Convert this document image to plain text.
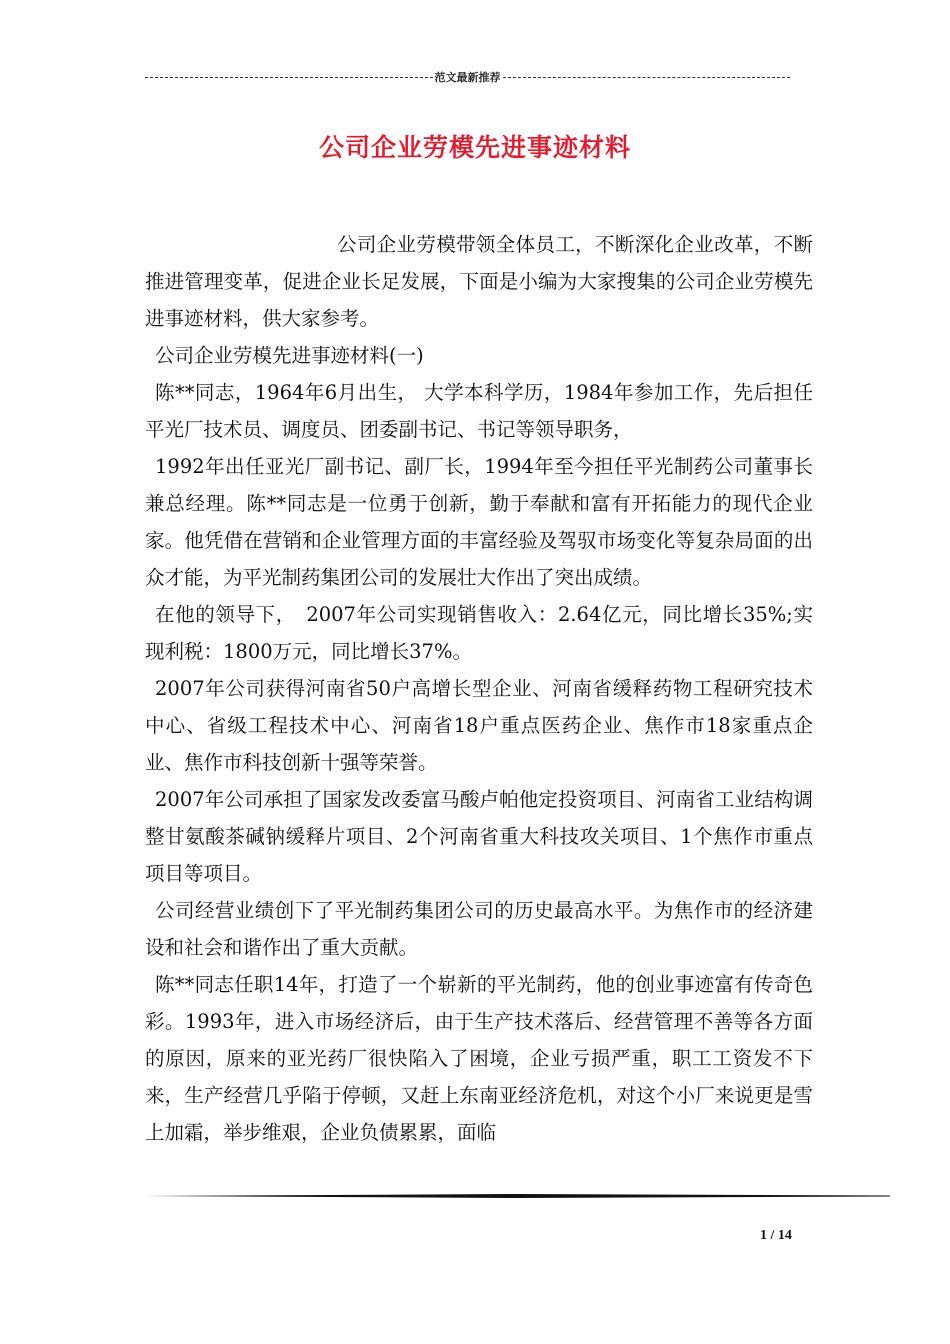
范文最新推荐
公司企业劳模先进事迹材料

公司企业劳模带领全体员工，不断深化企业改革，不断推进管理变革，促进企业长足发展，下面是小编为大家搜集的公司企业劳模先进事迹材料，供大家参考。

公司企业劳模先进事迹材料(一)

陈**同志，1964年6月出生， 大学本科学历，1984年参加工作，先后担任平光厂技术员、调度员、团委副书记、书记等领导职务，

1992年出任亚光厂副书记、副厂长，1994年至今担任平光制药公司董事长兼总经理。陈**同志是一位勇于创新，勤于奉献和富有开拓能力的现代企业家。他凭借在营销和企业管理方面的丰富经验及驾驭市场变化等复杂局面的出众才能，为平光制药集团公司的发展壮大作出了突出成绩。

在他的领导下，　2007年公司实现销售收入：2.64亿元，同比增长35%;实现利税：1800万元，同比增长37%。

2007年公司获得河南省50户高增长型企业、河南省缓释药物工程研究技术中心、省级工程技术中心、河南省18户重点医药企业、焦作市18家重点企业、焦作市科技创新十强等荣誉。

2007年公司承担了国家发改委富马酸卢帕他定投资项目、河南省工业结构调整甘氨酸茶碱钠缓释片项目、2个河南省重大科技攻关项目、1个焦作市重点项目等项目。

公司经营业绩创下了平光制药集团公司的历史最高水平。为焦作市的经济建设和社会和谐作出了重大贡献。

陈**同志任职14年，打造了一个崭新的平光制药，他的创业事迹富有传奇色彩。1993年，进入市场经济后，由于生产技术落后、经营管理不善等各方面的原因，原来的亚光药厂很快陷入了困境，企业亏损严重，职工工资发不下来，生产经营几乎陷于停顿，又赶上东南亚经济危机，对这个小厂来说更是雪上加霜，举步维艰，企业负债累累，面临

1 / 14
